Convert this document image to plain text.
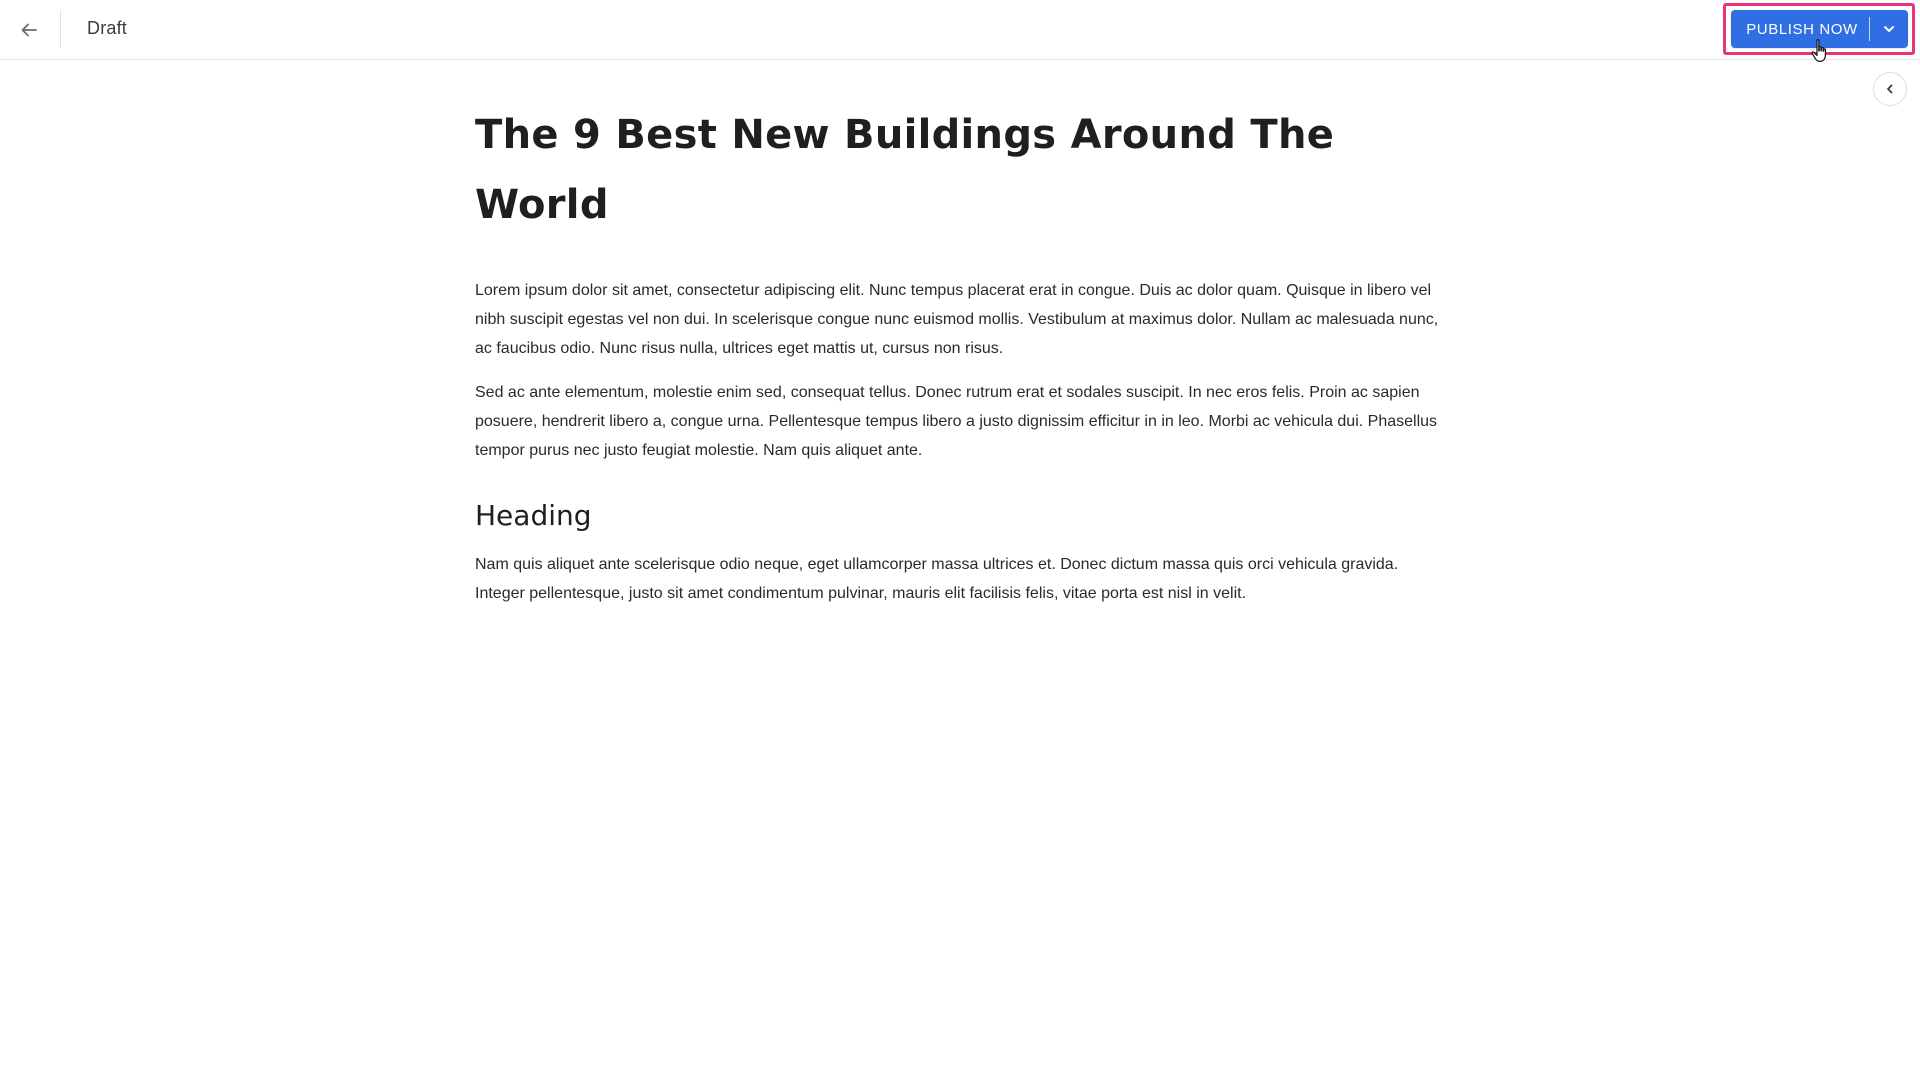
Draft	PUBLISH NOW
The 9 Best New Buildings Around The World

Lorem ipsum dolor sit amet, consectetur adipiscing elit. Nunc tempus placerat erat in congue. Duis ac dolor quam. Quisque in libero vel nibh suscipit egestas vel non dui. In scelerisque congue nunc euismod mollis. Vestibulum at maximus dolor. Nullam ac malesuada nunc, ac faucibus odio. Nunc risus nulla, ultrices eget mattis ut, cursus non risus.

Sed ac ante elementum, molestie enim sed, consequat tellus. Donec rutrum erat et sodales suscipit. In nec eros felis. Proin ac sapien posuere, hendrerit libero a, congue urna. Pellentesque tempus libero a justo dignissim efficitur in in leo. Morbi ac vehicula dui. Phasellus tempor purus nec justo feugiat molestie. Nam quis aliquet ante.

Heading

Nam quis aliquet ante scelerisque odio neque, eget ullamcorper massa ultrices et. Donec dictum massa quis orci vehicula gravida. Integer pellentesque, justo sit amet condimentum pulvinar, mauris elit facilisis felis, vitae porta est nisl in velit.
